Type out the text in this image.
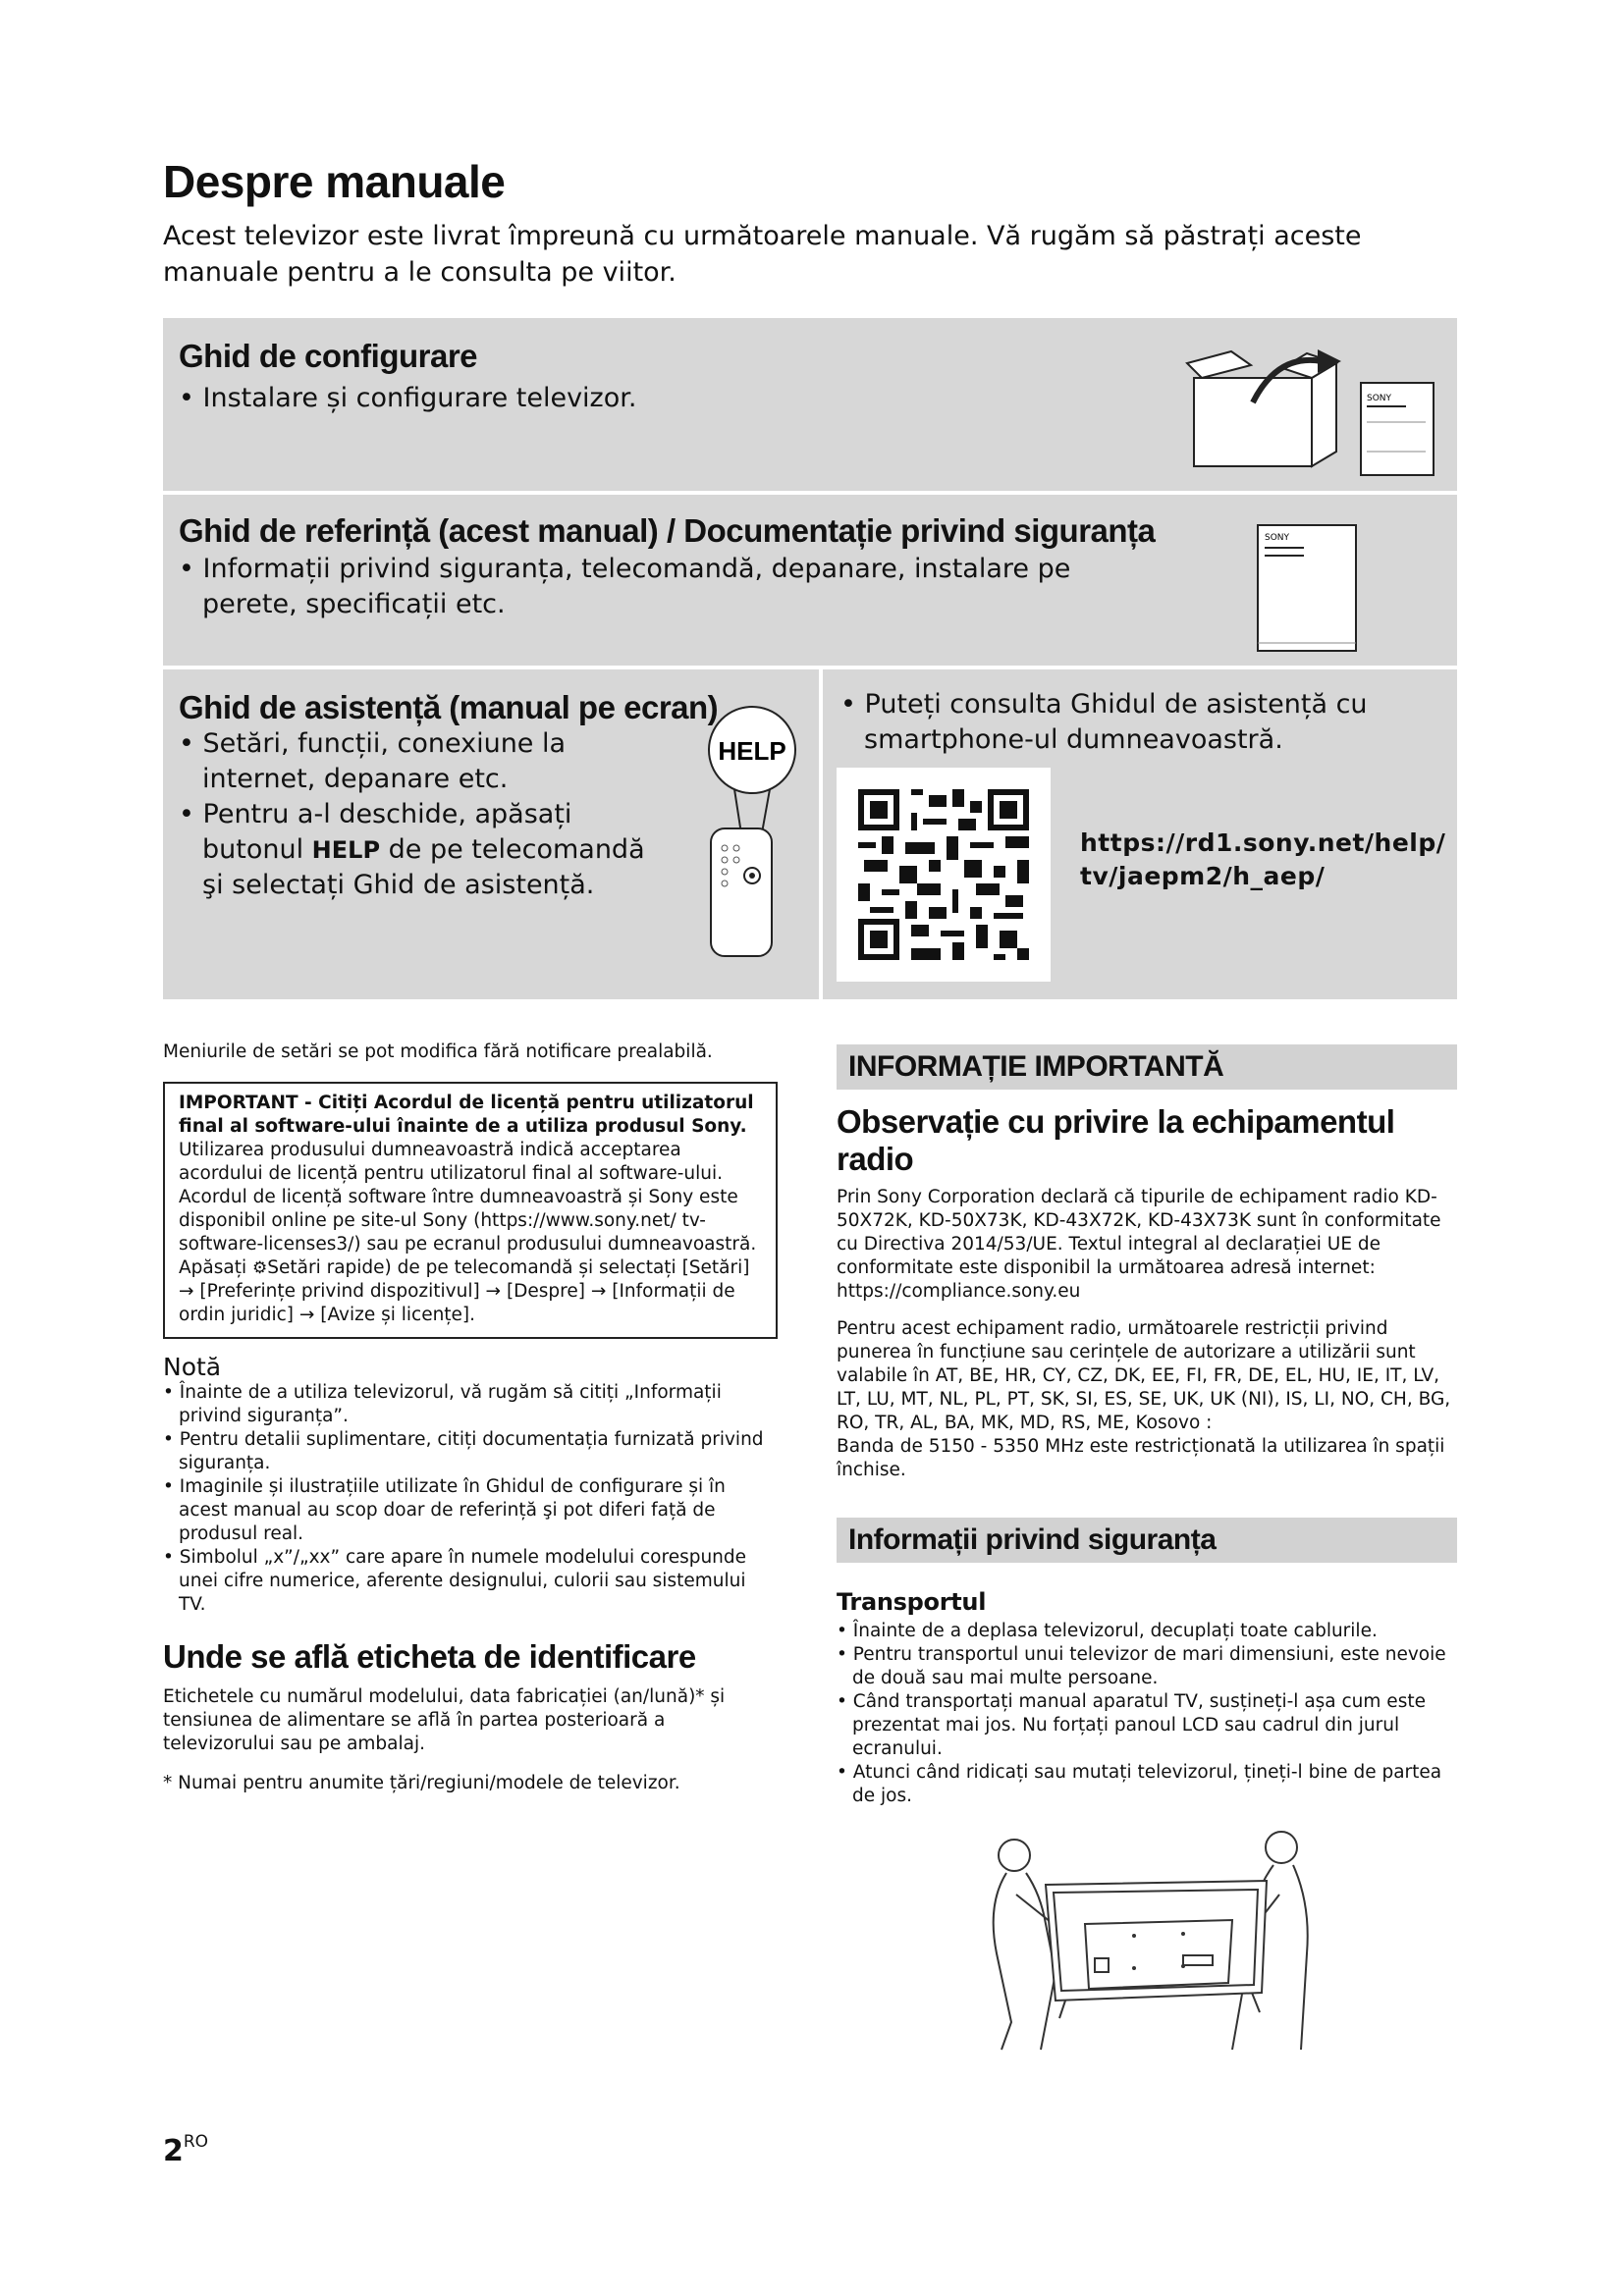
Despre manuale
Acest televizor este livrat împreună cu următoarele manuale. Vă rugăm să păstrați aceste manuale pentru a le consulta pe viitor.
Ghid de configurare
• Instalare și configurare televizor.	SONY
Ghid de referință (acest manual) / Documentație privind siguranța
• Informații privind siguranța, telecomandă, depanare, instalare pe perete, specificații etc.
SONY
Ghid de asistență (manual pe ecran)
• Setări, funcții, conexiune la internet, depanare etc.
• Pentru a-l deschide, apăsați butonul HELP de pe telecomandă şi selectați Ghid de asistență.
HELP
• Puteți consulta Ghidul de asistență cu smartphone-ul dumneavoastră.
https://rd1.sony.net/help/
tv/jaepm2/h_aep/
Meniurile de setări se pot modifica fără notificare prealabilă.
IMPORTANT - Citiți Acordul de licență pentru utilizatorul final al software-ului înainte de a utiliza produsul Sony.
Utilizarea produsului dumneavoastră indică acceptarea acordului de licență pentru utilizatorul final al software-ului. Acordul de licență software între dumneavoastră și Sony este disponibil online pe site-ul Sony (https://www.sony.net/ tv-software-licenses3/) sau pe ecranul produsului dumneavoastră. Apăsați ⚙Setări rapide) de pe telecomandă și selectați [Setări] → [Preferințe privind dispozitivul] → [Despre] → [Informații de ordin juridic] → [Avize și licențe].
Notă
• Înainte de a utiliza televizorul, vă rugăm să citiți „Informații privind siguranța”.
• Pentru detalii suplimentare, citiți documentația furnizată privind siguranța.
• Imaginile și ilustrațiile utilizate în Ghidul de configurare și în acest manual au scop doar de referință şi pot diferi față de produsul real.
• Simbolul „x”/„xx” care apare în numele modelului corespunde unei cifre numerice, aferente designului, culorii sau sistemului TV.
Unde se află eticheta de identificare
Etichetele cu numărul modelului, data fabricației (an/lună)* și tensiunea de alimentare se află în partea posterioară a televizorului sau pe ambalaj.
* Numai pentru anumite țări/regiuni/modele de televizor.
INFORMAȚIE IMPORTANTĂ
Observație cu privire la echipamentul radio
Prin Sony Corporation declară că tipurile de echipament radio KD-50X72K, KD-50X73K, KD-43X72K, KD-43X73K sunt în conformitate cu Directiva 2014/53/UE. Textul integral al declarației UE de conformitate este disponibil la următoarea adresă internet: https://compliance.sony.eu
Pentru acest echipament radio, următoarele restricții privind punerea în funcțiune sau cerințele de autorizare a utilizării sunt valabile în AT, BE, HR, CY, CZ, DK, EE, FI, FR, DE, EL, HU, IE, IT, LV, LT, LU, MT, NL, PL, PT, SK, SI, ES, SE, UK, UK (NI), IS, LI, NO, CH, BG, RO, TR, AL, BA, MK, MD, RS, ME, Kosovo :
Banda de 5150 - 5350 MHz este restricționată la utilizarea în spații închise.
Informații privind siguranța
Transportul
• Înainte de a deplasa televizorul, decuplați toate cablurile.
• Pentru transportul unui televizor de mari dimensiuni, este nevoie de două sau mai multe persoane.
• Când transportați manual aparatul TV, susțineți-l așa cum este prezentat mai jos. Nu forțați panoul LCD sau cadrul din jurul ecranului.
• Atunci când ridicați sau mutați televizorul, țineți-l bine de partea de jos.
$2^{RO}$
